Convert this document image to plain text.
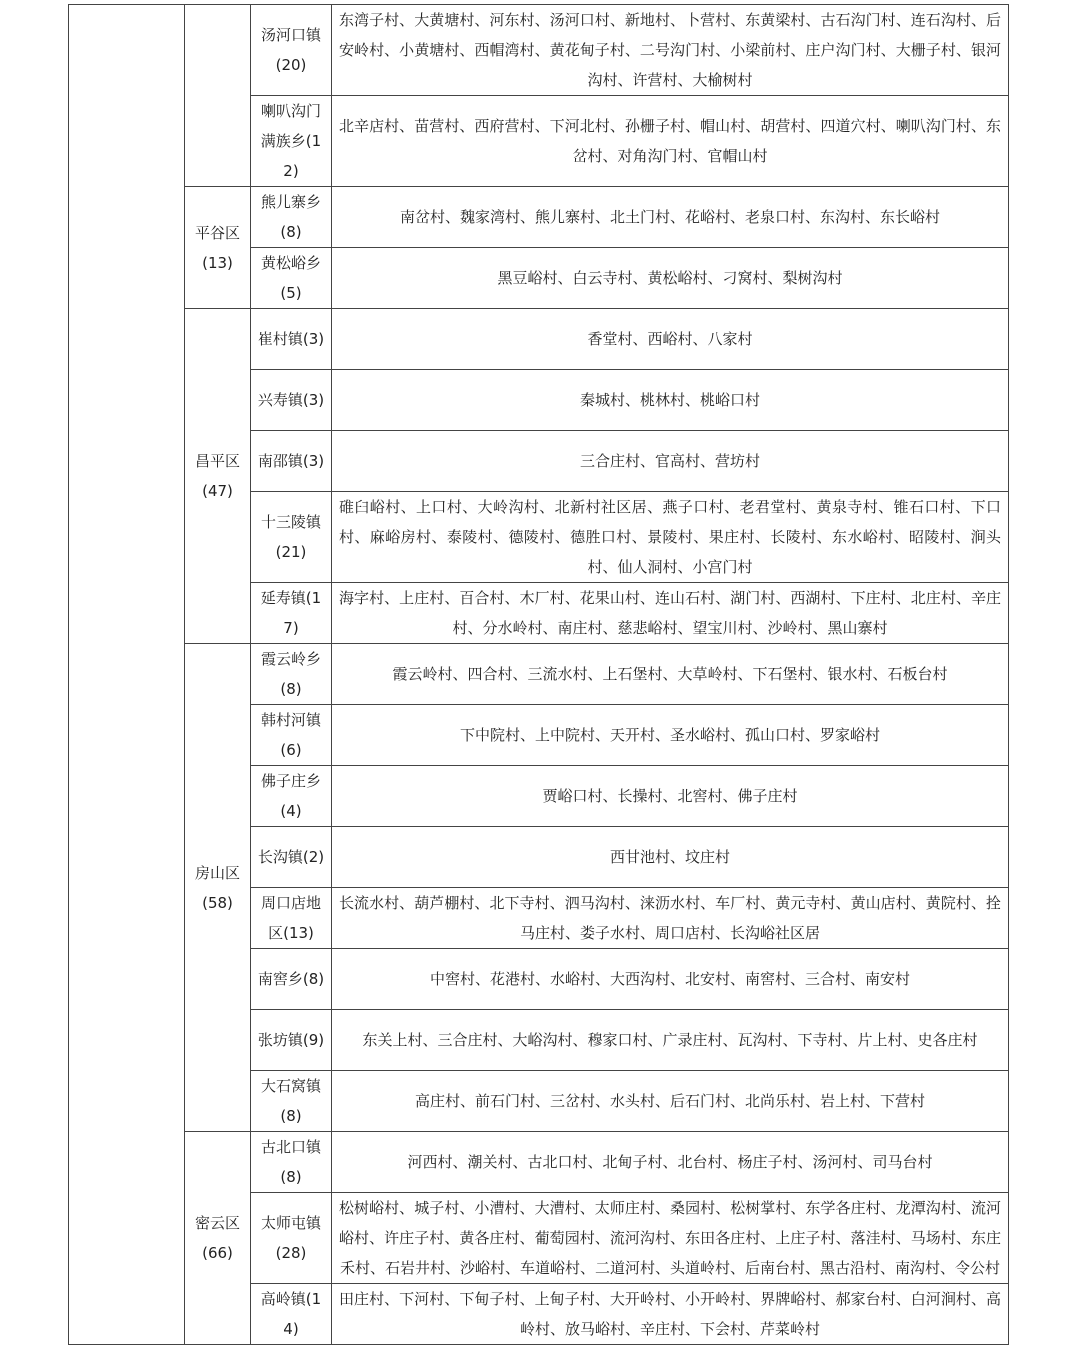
		汤河口镇(20)	东湾子村、大黄塘村、河东村、汤河口村、新地村、卜营村、东黄梁村、古石沟门村、连石沟村、后安岭村、小黄塘村、西帽湾村、黄花甸子村、二号沟门村、小梁前村、庄户沟门村、大栅子村、银河沟村、许营村、大榆树村
		喇叭沟门满族乡(12)	北辛店村、苗营村、西府营村、下河北村、孙栅子村、帽山村、胡营村、四道穴村、喇叭沟门村、东岔村、对角沟门村、官帽山村

	平谷区
(13)	熊儿寨乡(8)	南岔村、魏家湾村、熊儿寨村、北土门村、花峪村、老泉口村、东沟村、东长峪村
		黄松峪乡(5)	黑豆峪村、白云寺村、黄松峪村、刁窝村、梨树沟村

	昌平区
(47)	崔村镇(3)	香堂村、西峪村、八家村
		兴寿镇(3)	秦城村、桃林村、桃峪口村
		南邵镇(3)	三合庄村、官高村、营坊村
		十三陵镇(21)	碓臼峪村、上口村、大岭沟村、北新村社区居、燕子口村、老君堂村、黄泉寺村、锥石口村、下口村、麻峪房村、泰陵村、德陵村、德胜口村、景陵村、果庄村、长陵村、东水峪村、昭陵村、涧头村、仙人洞村、小宫门村
		延寿镇(17)	海字村、上庄村、百合村、木厂村、花果山村、连山石村、湖门村、西湖村、下庄村、北庄村、辛庄村、分水岭村、南庄村、慈悲峪村、望宝川村、沙岭村、黑山寨村

	房山区
(58)	霞云岭乡(8)	霞云岭村、四合村、三流水村、上石堡村、大草岭村、下石堡村、银水村、石板台村
		韩村河镇(6)	下中院村、上中院村、天开村、圣水峪村、孤山口村、罗家峪村
		佛子庄乡(4)	贾峪口村、长操村、北窖村、佛子庄村
		长沟镇(2)	西甘池村、坟庄村
		周口店地区(13)	长流水村、葫芦棚村、北下寺村、泗马沟村、涞沥水村、车厂村、黄元寺村、黄山店村、黄院村、拴马庄村、娄子水村、周口店村、长沟峪社区居
		南窖乡(8)	中窖村、花港村、水峪村、大西沟村、北安村、南窖村、三合村、南安村
		张坊镇(9)	东关上村、三合庄村、大峪沟村、穆家口村、广录庄村、瓦沟村、下寺村、片上村、史各庄村
		大石窝镇(8)	高庄村、前石门村、三岔村、水头村、后石门村、北尚乐村、岩上村、下营村

	密云区
(66)	古北口镇(8)	河西村、潮关村、古北口村、北甸子村、北台村、杨庄子村、汤河村、司马台村
		太师屯镇(28)	松树峪村、城子村、小漕村、大漕村、太师庄村、桑园村、松树掌村、东学各庄村、龙潭沟村、流河峪村、许庄子村、黄各庄村、葡萄园村、流河沟村、东田各庄村、上庄子村、落洼村、马场村、东庄禾村、石岩井村、沙峪村、车道峪村、二道河村、头道岭村、后南台村、黑古沿村、南沟村、令公村
		高岭镇(14)	田庄村、下河村、下甸子村、上甸子村、大开岭村、小开岭村、界牌峪村、郝家台村、白河涧村、高岭村、放马峪村、辛庄村、下会村、芹菜岭村
